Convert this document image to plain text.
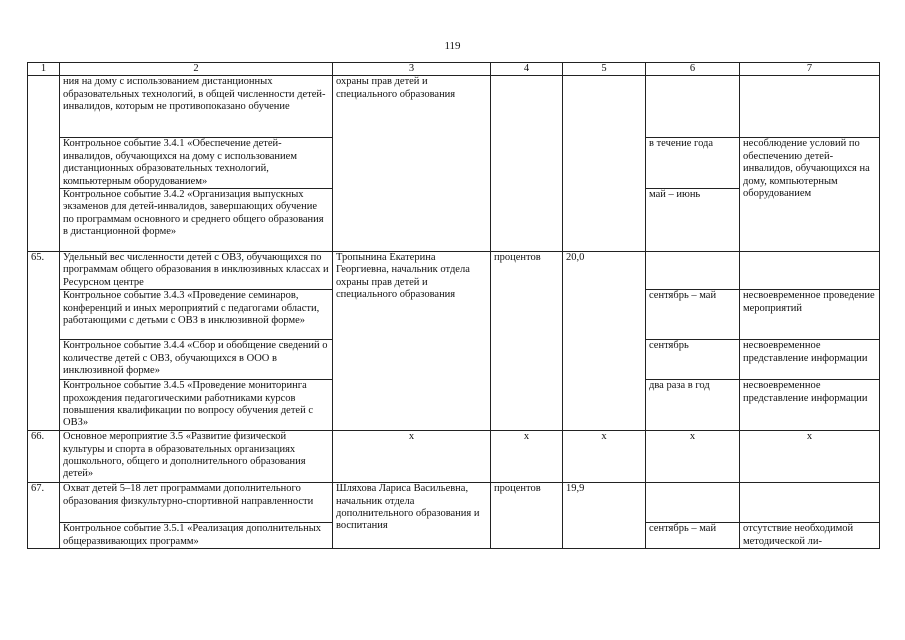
119
1	2	3	4	5	6	7
	ния на дому с использованием дистанционных образовательных технологий, в общей численности детей-инвалидов, которым не противопоказано обучение	охраны прав детей и специального образования				
	Контрольное событие 3.4.1 «Обеспечение детей-инвалидов, обучающихся на дому с использованием дистанционных образовательных технологий, компьютерным оборудованием»				в течение года	несоблюдение условий по обеспечению детей-инвалидов, обучающихся на дому, компьютерным оборудованием
	Контрольное событие 3.4.2 «Организация выпускных экзаменов для детей-инвалидов, завершающих обучение по программам основного и среднего общего образования в дистанционной форме»				май – июнь	
65.	Удельный вес численности детей с ОВЗ, обучающихся по программам общего образования в инклюзивных классах и Ресурсном центре	Тропынина Екатерина Георгиевна, начальник отдела охраны прав детей и специального образования	процентов	20,0		
	Контрольное событие 3.4.3 «Проведение семинаров, конференций и иных мероприятий с педагогами области, работающими с детьми с ОВЗ в инклюзивной форме»				сентябрь – май	несвоевременное проведение мероприятий
	Контрольное событие 3.4.4 «Сбор и обобщение сведений о количестве детей с ОВЗ, обучающихся в ООО в инклюзивной форме»				сентябрь	несвоевременное представление информации
	Контрольное событие 3.4.5 «Проведение мониторинга прохождения педагогическими работниками курсов повышения квалификации по вопросу обучения детей с ОВЗ»				два раза в год	несвоевременное представление информации
66.	Основное мероприятие 3.5 «Развитие физической культуры и спорта в образовательных организациях дошкольного, общего и дополнительного образования детей»	х	х	х	х	х
67.	Охват детей 5–18 лет программами дополнительного образования физкультурно-спортивной направленности	Шляхова Лариса Васильевна, начальник отдела дополнительного образования и воспитания	процентов	19,9		
	Контрольное событие 3.5.1 «Реализация дополнительных общеразвивающих программ»				сентябрь – май	отсутствие необходимой методической ли-
